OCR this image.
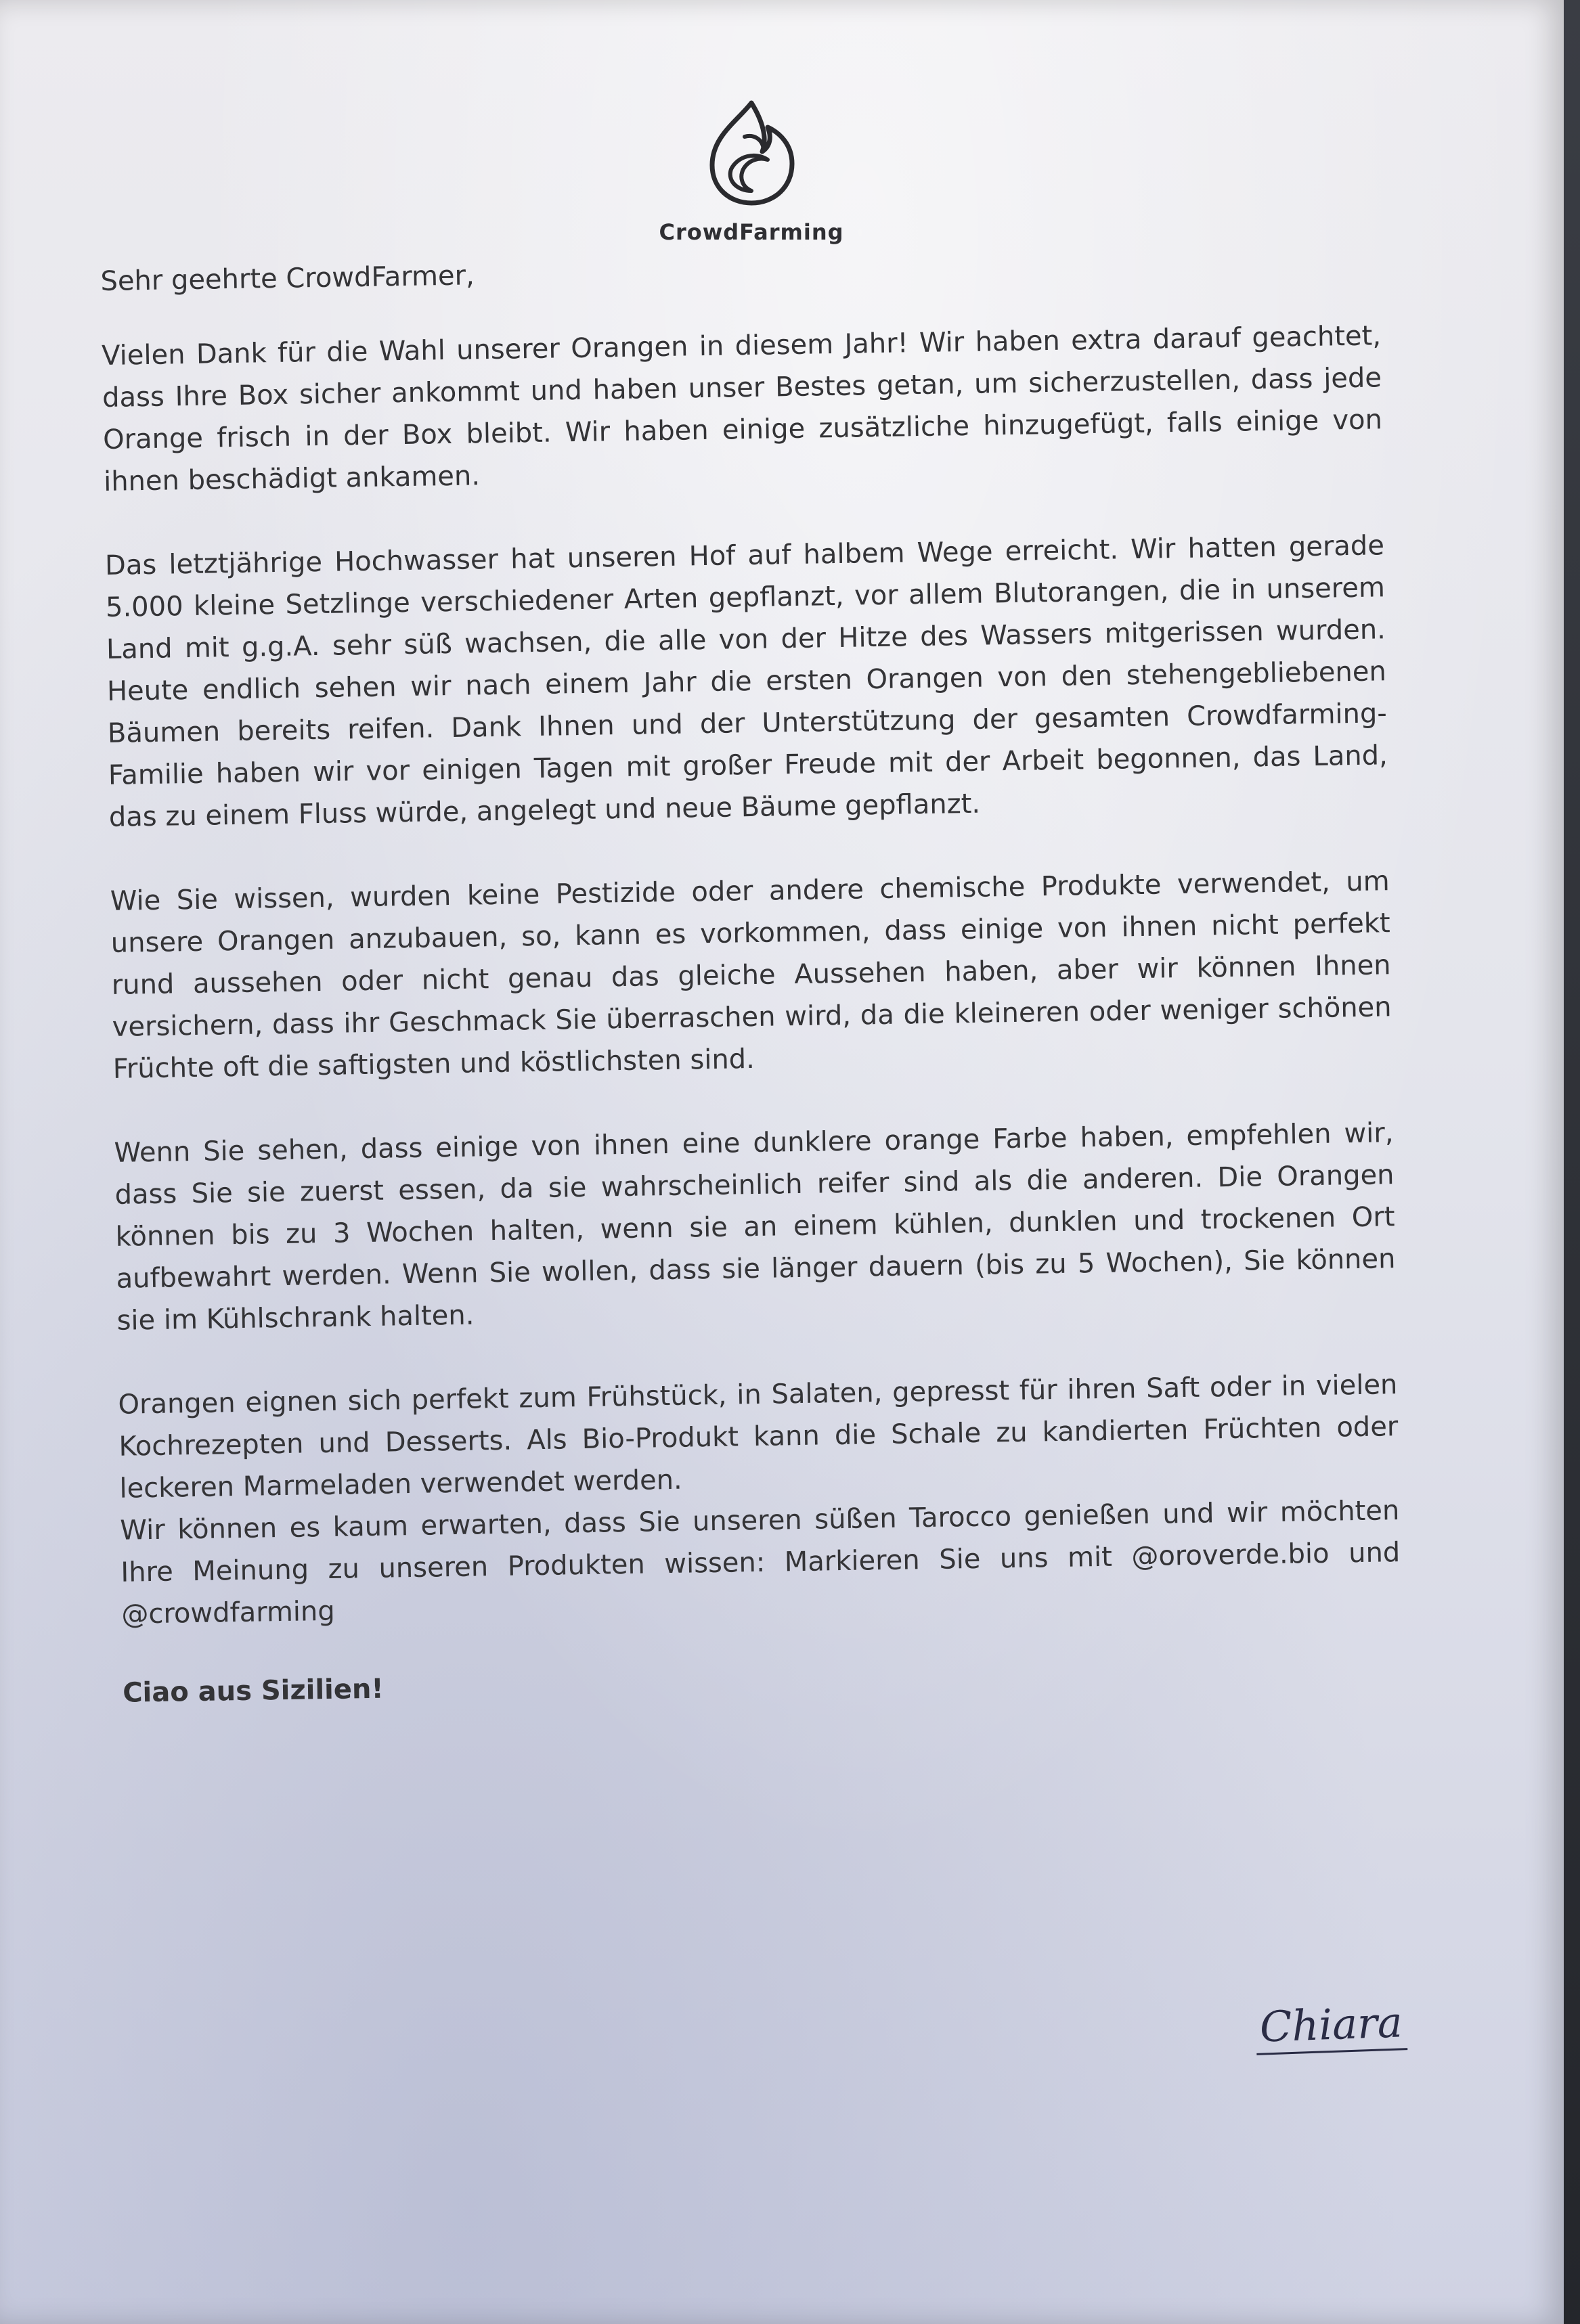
CrowdFarming

Sehr geehrte CrowdFarmer,

Vielen Dank für die Wahl unserer Orangen in diesem Jahr! Wir haben extra darauf geachtet, dass Ihre Box sicher ankommt und haben unser Bestes getan, um sicherzustellen, dass jede Orange frisch in der Box bleibt. Wir haben einige zusätzliche hinzugefügt, falls einige von ihnen beschädigt ankamen.

Das letztjährige Hochwasser hat unseren Hof auf halbem Wege erreicht. Wir hatten gerade 5.000 kleine Setzlinge verschiedener Arten gepflanzt, vor allem Blutorangen, die in unserem Land mit g.g.A. sehr süß wachsen, die alle von der Hitze des Wassers mitgerissen wurden. Heute endlich sehen wir nach einem Jahr die ersten Orangen von den stehengebliebenen Bäumen bereits reifen. Dank Ihnen und der Unterstützung der gesamten Crowdfarming-Familie haben wir vor einigen Tagen mit großer Freude mit der Arbeit begonnen, das Land, das zu einem Fluss würde, angelegt und neue Bäume gepflanzt.

Wie Sie wissen, wurden keine Pestizide oder andere chemische Produkte verwendet, um unsere Orangen anzubauen, so, kann es vorkommen, dass einige von ihnen nicht perfekt rund aussehen oder nicht genau das gleiche Aussehen haben, aber wir können Ihnen versichern, dass ihr Geschmack Sie überraschen wird, da die kleineren oder weniger schönen Früchte oft die saftigsten und köstlichsten sind.

Wenn Sie sehen, dass einige von ihnen eine dunklere orange Farbe haben, empfehlen wir, dass Sie sie zuerst essen, da sie wahrscheinlich reifer sind als die anderen. Die Orangen können bis zu 3 Wochen halten, wenn sie an einem kühlen, dunklen und trockenen Ort aufbewahrt werden. Wenn Sie wollen, dass sie länger dauern (bis zu 5 Wochen), Sie können sie im Kühlschrank halten.

Orangen eignen sich perfekt zum Frühstück, in Salaten, gepresst für ihren Saft oder in vielen Kochrezepten und Desserts. Als Bio-Produkt kann die Schale zu kandierten Früchten oder leckeren Marmeladen verwendet werden.

Wir können es kaum erwarten, dass Sie unseren süßen Tarocco genießen und wir möchten Ihre Meinung zu unseren Produkten wissen: Markieren Sie uns mit @oroverde.bio und @crowdfarming

Ciao aus Sizilien!

Chiara
